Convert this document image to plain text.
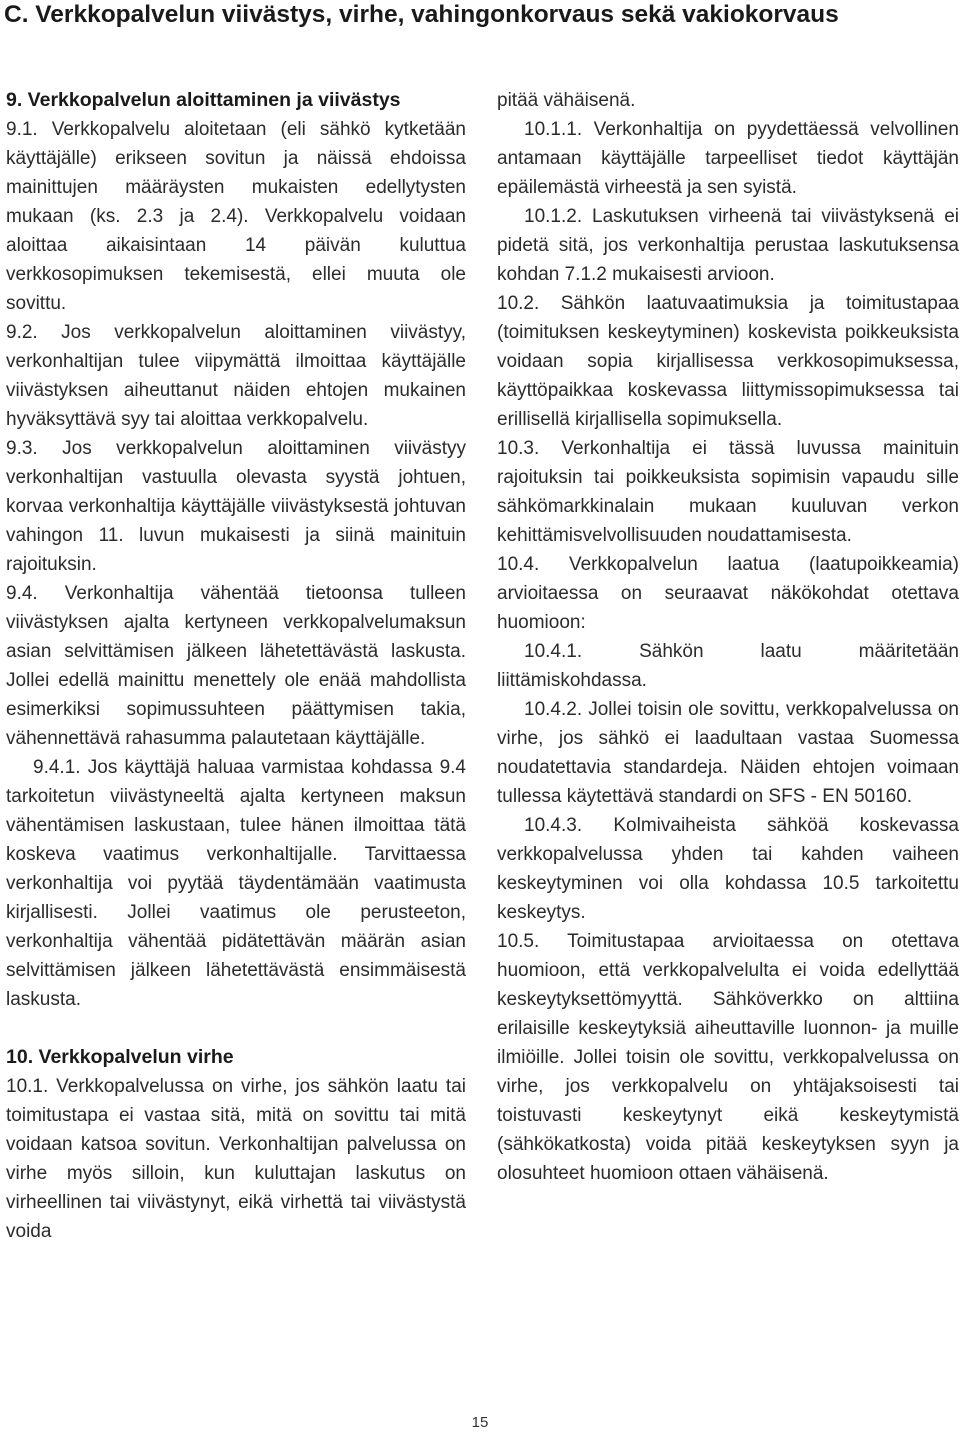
C. Verkkopalvelun viivästys, virhe, vahingonkorvaus sekä vakiokorvaus
9. Verkkopalvelun aloittaminen ja viivästys
9.1. Verkkopalvelu aloitetaan (eli sähkö kytketään käyttäjälle) erikseen sovitun ja näissä ehdoissa mainittujen määräysten mukaisten edellytysten mukaan (ks. 2.3 ja 2.4). Verkkopalvelu voidaan aloittaa aikaisintaan 14 päivän kuluttua verkkosopimuksen tekemisestä, ellei muuta ole sovittu.
9.2. Jos verkkopalvelun aloittaminen viivästyy, verkonhaltijan tulee viipymättä ilmoittaa käyttäjälle viivästyksen aiheuttanut näiden ehtojen mukainen hyväksyttävä syy tai aloittaa verkkopalvelu.
9.3. Jos verkkopalvelun aloittaminen viivästyy verkonhaltijan vastuulla olevasta syystä johtuen, korvaa verkonhaltija käyttäjälle viivästyksestä johtuvan vahingon 11. luvun mukaisesti ja siinä mainituin rajoituksin.
9.4. Verkonhaltija vähentää tietoonsa tulleen viivästyksen ajalta kertyneen verkkopalvelumaksun asian selvittämisen jälkeen lähetettävästä laskusta. Jollei edellä mainittu menettely ole enää mahdollista esimerkiksi sopimussuhteen päättymisen takia, vähennettävä rahasumma palautetaan käyttäjälle.
9.4.1. Jos käyttäjä haluaa varmistaa kohdassa 9.4 tarkoitetun viivästyneeltä ajalta kertyneen maksun vähentämisen laskustaan, tulee hänen ilmoittaa tätä koskeva vaatimus verkonhaltijalle. Tarvittaessa verkonhaltija voi pyytää täydentämään vaatimusta kirjallisesti. Jollei vaatimus ole perusteeton, verkonhaltija vähentää pidätettävän määrän asian selvittämisen jälkeen lähetettävästä ensimmäisestä laskusta.
10. Verkkopalvelun virhe
10.1. Verkkopalvelussa on virhe, jos sähkön laatu tai toimitustapa ei vastaa sitä, mitä on sovittu tai mitä voidaan katsoa sovitun. Verkonhaltijan palvelussa on virhe myös silloin, kun kuluttajan laskutus on virheellinen tai viivästynyt, eikä virhettä tai viivästystä voida
pitää vähäisenä.
10.1.1. Verkonhaltija on pyydettäessä velvollinen antamaan käyttäjälle tarpeelliset tiedot käyttäjän epäilemästä virheestä ja sen syistä.
10.1.2. Laskutuksen virheenä tai viivästyksenä ei pidetä sitä, jos verkonhaltija perustaa laskutuksensa kohdan 7.1.2 mukaisesti arvioon.
10.2. Sähkön laatuvaatimuksia ja toimitustapaa (toimituksen keskeytyminen) koskevista poikkeuksista voidaan sopia kirjallisessa verkkosopimuksessa, käyttöpaikkaa koskevassa liittymissopimuksessa tai erillisellä kirjallisella sopimuksella.
10.3. Verkonhaltija ei tässä luvussa mainituin rajoituksin tai poikkeuksista sopimisin vapaudu sille sähkömarkkinalain mukaan kuuluvan verkon kehittämisvelvollisuuden noudattamisesta.
10.4. Verkkopalvelun laatua (laatupoikkeamia) arvioitaessa on seuraavat näkökohdat otettava huomioon:
10.4.1. Sähkön laatu määritetään liittämiskohdassa.
10.4.2. Jollei toisin ole sovittu, verkkopalvelussa on virhe, jos sähkö ei laadultaan vastaa Suomessa noudatettavia standardeja. Näiden ehtojen voimaan tullessa käytettävä standardi on SFS - EN 50160.
10.4.3. Kolmivaiheista sähköä koskevassa verkkopalvelussa yhden tai kahden vaiheen keskeytyminen voi olla kohdassa 10.5 tarkoitettu keskeytys.
10.5. Toimitustapaa arvioitaessa on otettava huomioon, että verkkopalvelulta ei voida edellyttää keskeytyksettömyyttä. Sähköverkko on alttiina erilaisille keskeytyksiä aiheuttaville luonnon- ja muille ilmiöille. Jollei toisin ole sovittu, verkkopalvelussa on virhe, jos verkkopalvelu on yhtäjaksoisesti tai toistuvasti keskeytynyt eikä keskeytymistä (sähkökatkosta) voida pitää keskeytyksen syyn ja olosuhteet huomioon ottaen vähäisenä.
15
